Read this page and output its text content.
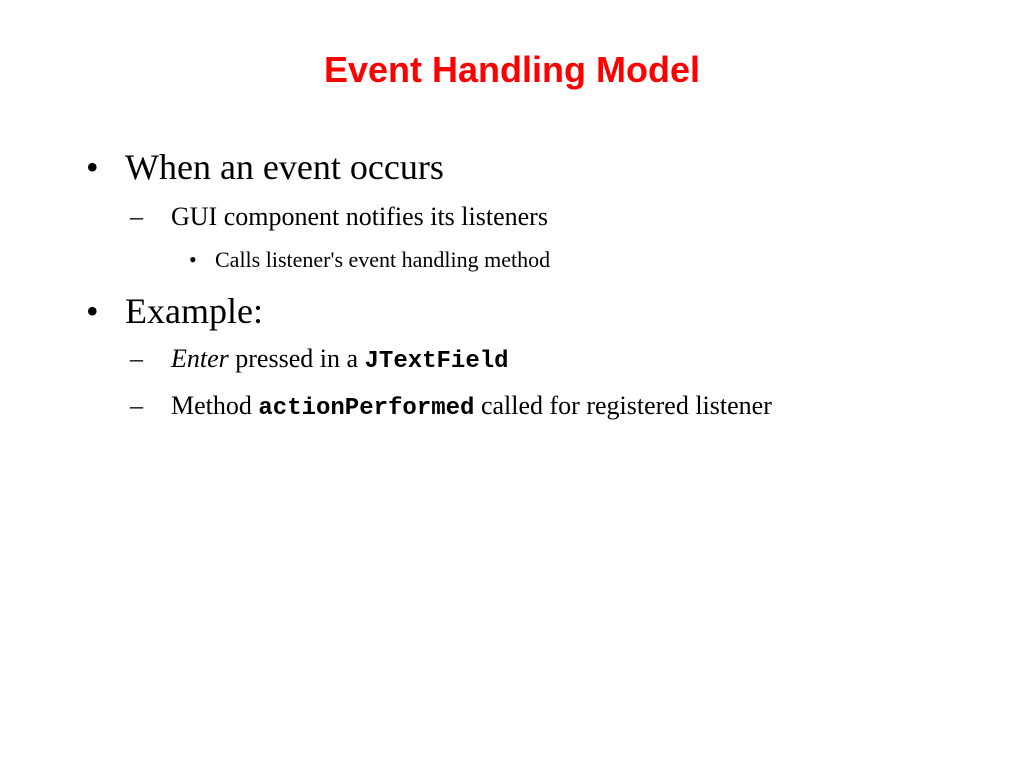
Event Handling Model
• When an event occurs
– GUI component notifies its listeners
• Calls listener's event handling method
• Example:
– Enter pressed in a JTextField
– Method actionPerformed called for registered listener
